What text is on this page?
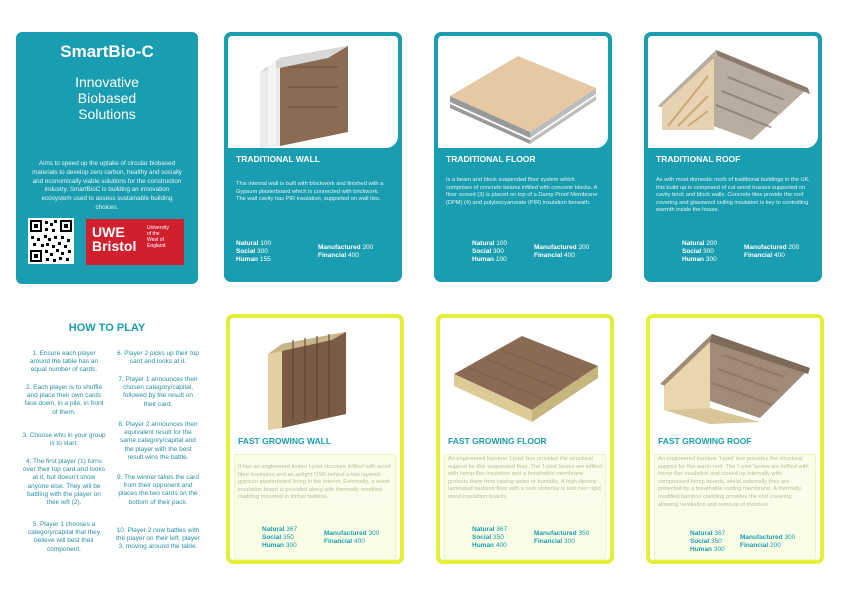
SmartBio-C
Innovative
Biobased
Solutions
Aims to speed up the uptake of circular biobased materials to develop zero carbon, healthy and socially and economically viable solutions for the construction industry. SmartBioC is building an innovation ecosystem used to assess sustainable building choices.
UWE
Bristol
University
of the
West of
England
HOW TO PLAY
1. Ensure each player around the table has an equal number of cards.
2. Each player is to shuffle and place their own cards face down, in a pile, in front of them.
3. Choose who in your group is to start.
4. The first player (1) turns over their top card and looks at it, but doesn't show anyone else. They will be battling with the player on their left (2).
5. Player 1 chooses a category/capital that they believe will best their component.
6. Player 2 picks up their top card and looks at it.
7. Player 1 announces their chosen category/capital, followed by the result on their card.
8. Player 2 announces their equivalent result for the same category/capital and the player with the best result wins the battle.
9. The winner takes the card from their opponent and places the two cards on the bottom of their pack.
10. Player 2 now battles with the player on their left, player 3, moving around the table.
TRADITIONAL WALL
This internal wall is built with blockwork and finished with a Gypsum plasterboard which is connected with brickwork. The wall cavity has PIR insulation, supported on wall ties.
Natural 100
Social 300
Human 155
Manufactured 200
Financial 400
TRADITIONAL FLOOR
Is a beam and block suspended floor system which comprises of concrete beams infilled with concrete blocks. A floor screed (3) is placed on top of a Damp Proof Membrane (DPM) (4) and polyisocyanurate (PIR) insulation beneath.
Natural 100
Social 300
Human 100
Manufactured 200
Financial 400
TRADITIONAL ROOF
As with most domestic roofs of traditional buildings in the UK, this build up is composed of cut wood trusses supported on cavity brick and block walls. Concrete tiles provide the roof covering and glasswool ceiling insulation is key to controlling warmth inside the house.
Natural 200
Social 300
Human 300
Manufactured 200
Financial 400
FAST GROWING WALL
It has an engineered timber I-joist structure infilled with wood fibre insulation and an airtight OSB behind a two layered gypsum plasterboard lining in the interior. Externally, a wood insulation board is provided along with thermally modified cladding mounted in timber battens.
Natural 367
Social 350
Human 300
Manufactured 300
Financial 400
FAST GROWING FLOOR
An engineered bamboo 'I-joist' box provides the structural support for this suspended floor. The 'I-joist' boxes are infilled with hemp-flax insulation and a breathable membrane protects them from raising water or humidity. A high-density laminated bamboo floor with a cork underlay is laid over rigid wood insulation boards.
Natural 367
Social 350
Human 400
Manufactured 350
Financial 300
FAST GROWING ROOF
An engineered bamboo 'I-joist' box provides the structural support for this warm roof. The 'I-joist' boxes are infilled with hemp-flax insulation and closed up internally with compressed hemp boards, whilst externally they are protected by a breathable roofing membrane. A thermally modified bamboo cladding provides the roof covering allowing ventilation and removal of moisture.
Natural 367
Social 350
Human 300
Manufactured 300
Financial 200
